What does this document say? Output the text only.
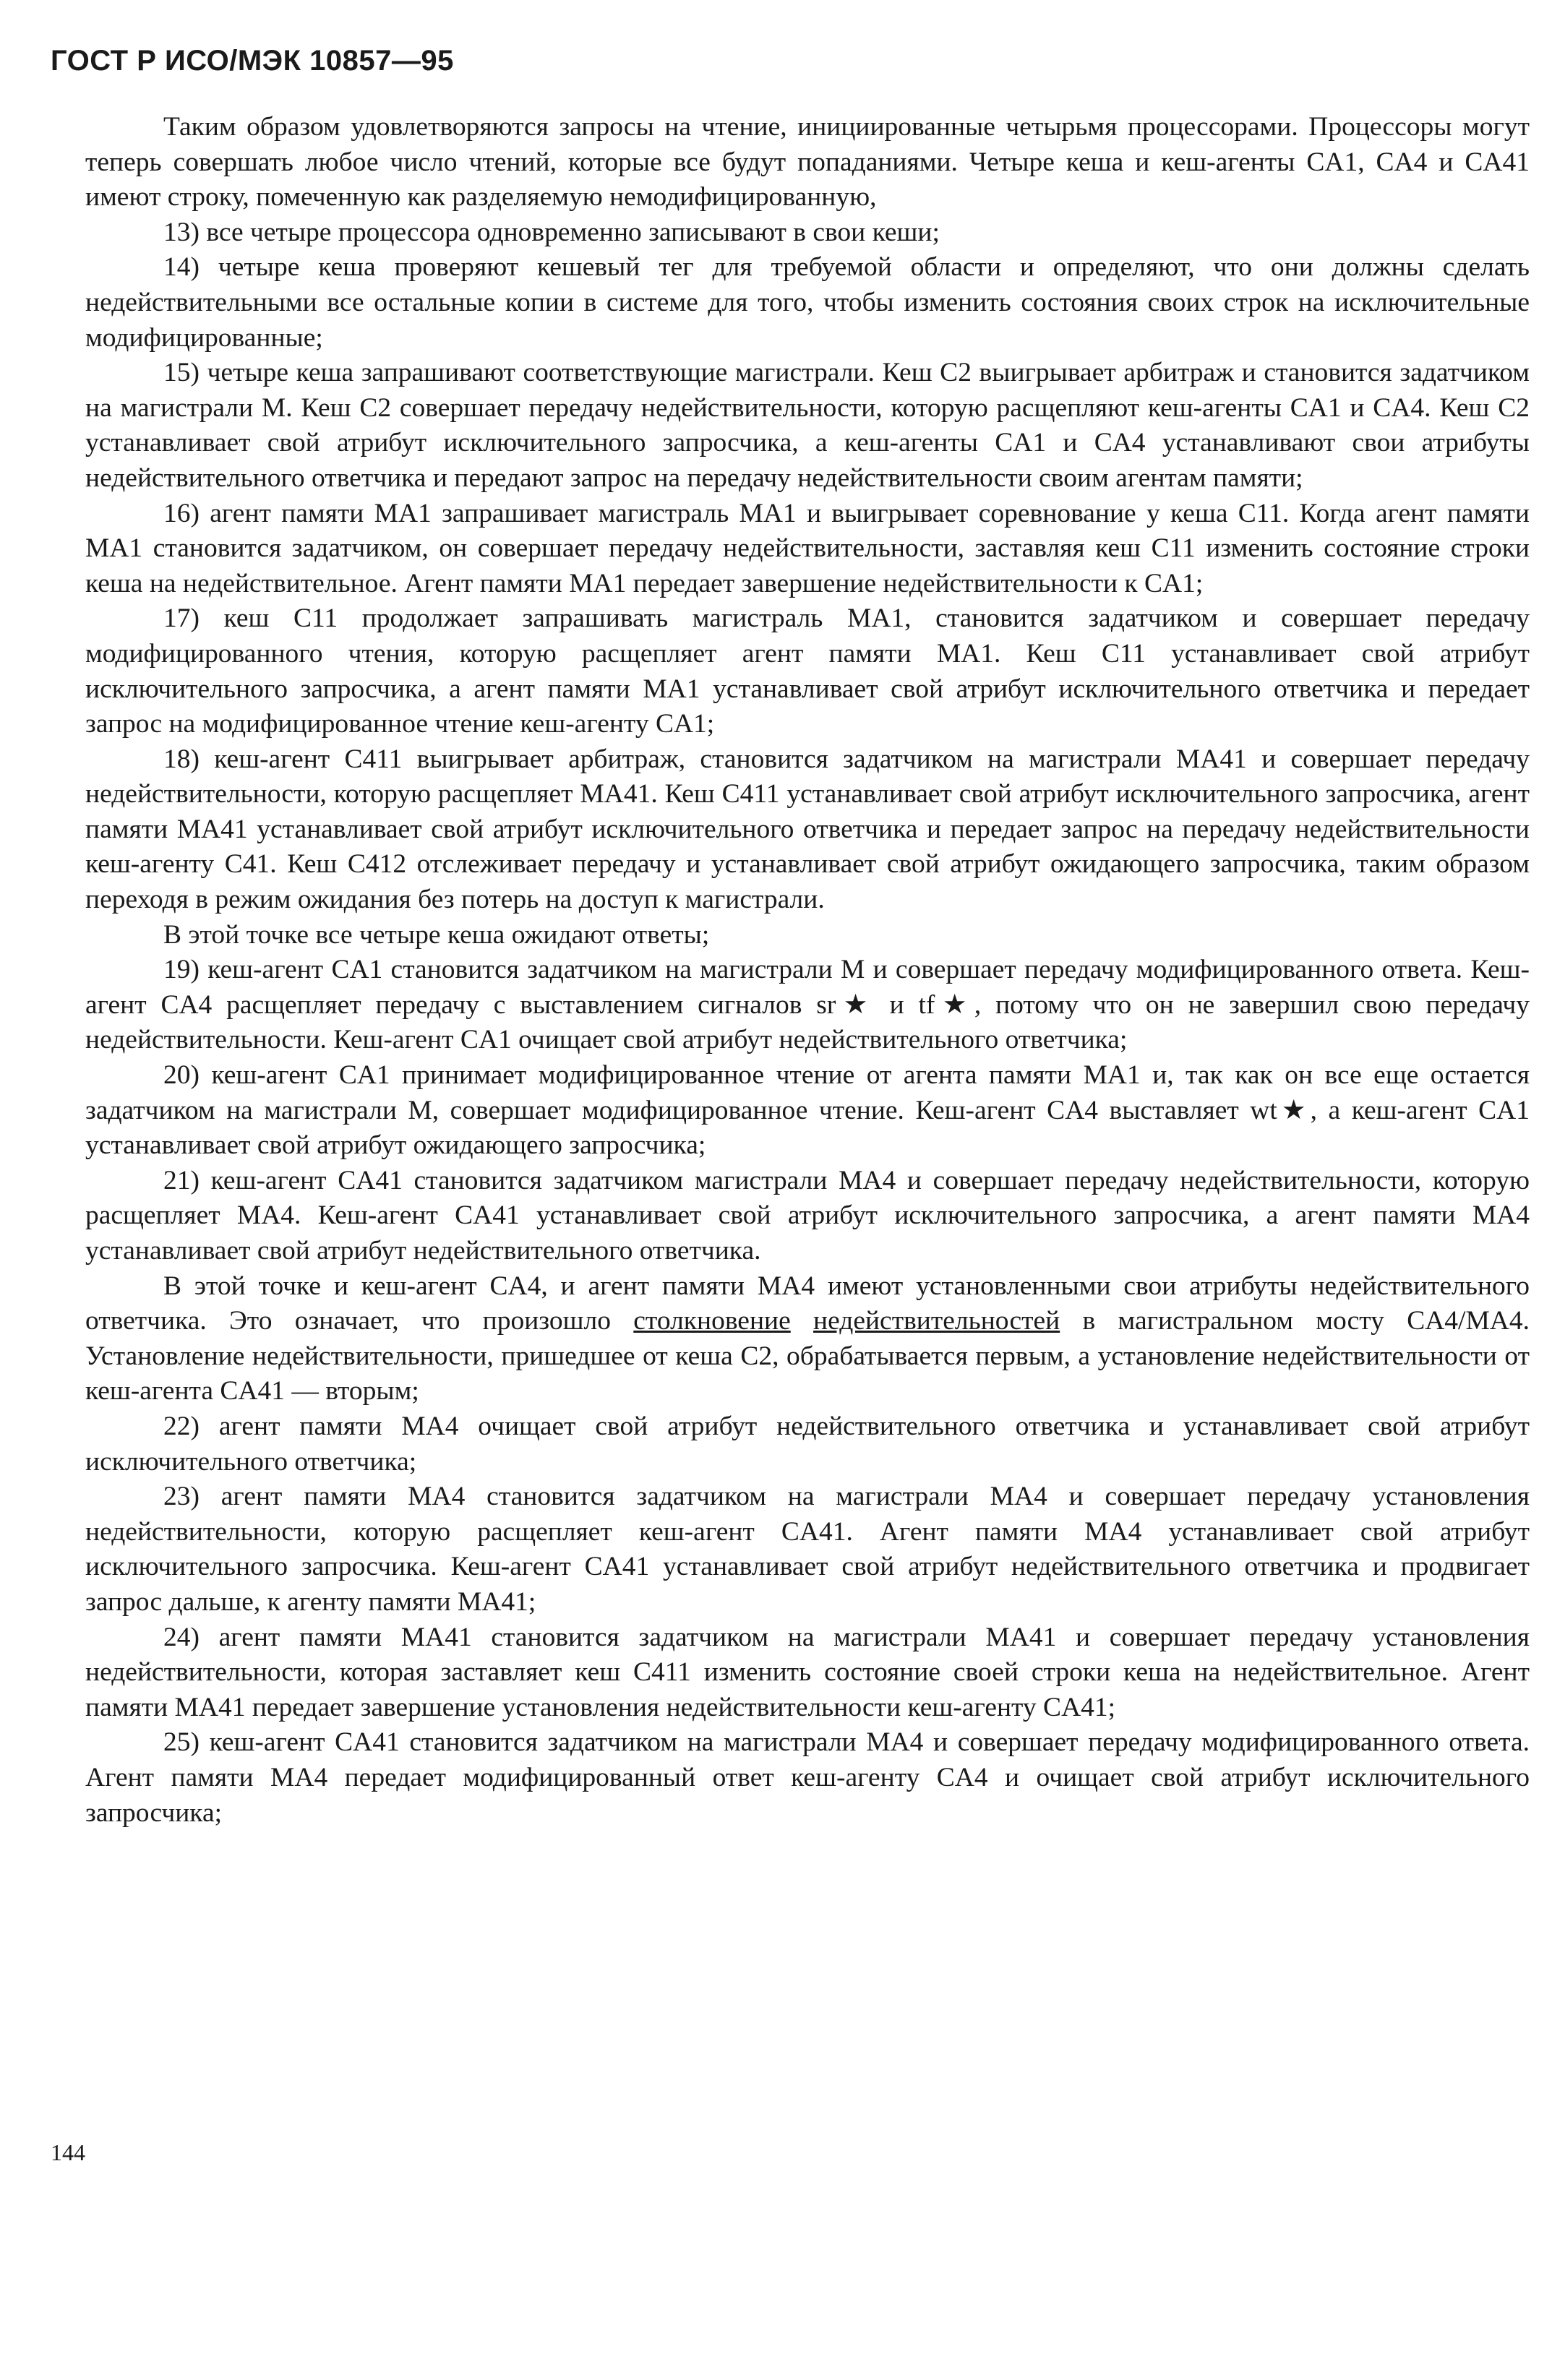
ГОСТ Р ИСО/МЭК 10857—95

Таким образом удовлетворяются запросы на чтение, инициированные четырьмя процессорами. Процессоры могут теперь совершать любое число чтений, которые все будут попаданиями. Четыре кеша и кеш-агенты CA1, CA4 и CA41 имеют строку, помеченную как разделяемую немодифицированную,

13) все четыре процессора одновременно записывают в свои кеши;

14) четыре кеша проверяют кешевый тег для требуемой области и определяют, что они должны сделать недействительными все остальные копии в системе для того, чтобы изменить состояния своих строк на исключительные модифицированные;

15) четыре кеша запрашивают соответствующие магистрали. Кеш C2 выигрывает арбитраж и становится задатчиком на магистрали M. Кеш C2 совершает передачу недействительности, которую расщепляют кеш-агенты CA1 и CA4. Кеш C2 устанавливает свой атрибут исключительного запросчика, а кеш-агенты CA1 и CA4 устанавливают свои атрибуты недействительного ответчика и передают запрос на передачу недействительности своим агентам памяти;

16) агент памяти MA1 запрашивает магистраль MA1 и выигрывает соревнование у кеша C11. Когда агент памяти MA1 становится задатчиком, он совершает передачу недействительности, заставляя кеш C11 изменить состояние строки кеша на недействительное. Агент памяти MA1 передает завершение недействительности к CA1;

17) кеш C11 продолжает запрашивать магистраль MA1, становится задатчиком и совершает передачу модифицированного чтения, которую расщепляет агент памяти MA1. Кеш C11 устанавливает свой атрибут исключительного запросчика, а агент памяти MA1 устанавливает свой атрибут исключительного ответчика и передает запрос на модифицированное чтение кеш-агенту CA1;

18) кеш-агент C411 выигрывает арбитраж, становится задатчиком на магистрали MA41 и совершает передачу недействительности, которую расщепляет MA41. Кеш C411 устанавливает свой атрибут исключительного запросчика, агент памяти MA41 устанавливает свой атрибут исключительного ответчика и передает запрос на передачу недействительности кеш-агенту C41. Кеш C412 отслеживает передачу и устанавливает свой атрибут ожидающего запросчика, таким образом переходя в режим ожидания без потерь на доступ к магистрали.

В этой точке все четыре кеша ожидают ответы;

19) кеш-агент CA1 становится задатчиком на магистрали M и совершает передачу модифицированного ответа. Кеш-агент CA4 расщепляет передачу с выставлением сигналов sr★ и tf★, потому что он не завершил свою передачу недействительности. Кеш-агент CA1 очищает свой атрибут недействительного ответчика;

20) кеш-агент CA1 принимает модифицированное чтение от агента памяти MA1 и, так как он все еще остается задатчиком на магистрали M, совершает модифицированное чтение. Кеш-агент CA4 выставляет wt★, а кеш-агент CA1 устанавливает свой атрибут ожидающего запросчика;

21) кеш-агент CA41 становится задатчиком магистрали MA4 и совершает передачу недействительности, которую расщепляет MA4. Кеш-агент CA41 устанавливает свой атрибут исключительного запросчика, а агент памяти MA4 устанавливает свой атрибут недействительного ответчика.

В этой точке и кеш-агент CA4, и агент памяти MA4 имеют установленными свои атрибуты недействительного ответчика. Это означает, что произошло столкновение недействительностей в магистральном мосту CA4/MA4. Установление недействительности, пришедшее от кеша C2, обрабатывается первым, а установление недействительности от кеш-агента CA41 — вторым;

22) агент памяти MA4 очищает свой атрибут недействительного ответчика и устанавливает свой атрибут исключительного ответчика;

23) агент памяти MA4 становится задатчиком на магистрали MA4 и совершает передачу установления недействительности, которую расщепляет кеш-агент CA41. Агент памяти MA4 устанавливает свой атрибут исключительного запросчика. Кеш-агент CA41 устанавливает свой атрибут недействительного ответчика и продвигает запрос дальше, к агенту памяти MA41;

24) агент памяти MA41 становится задатчиком на магистрали MA41 и совершает передачу установления недействительности, которая заставляет кеш C411 изменить состояние своей строки кеша на недействительное. Агент памяти MA41 передает завершение установления недействительности кеш-агенту CA41;

25) кеш-агент CA41 становится задатчиком на магистрали MA4 и совершает передачу модифицированного ответа. Агент памяти MA4 передает модифицированный ответ кеш-агенту CA4 и очищает свой атрибут исключительного запросчика;

144
